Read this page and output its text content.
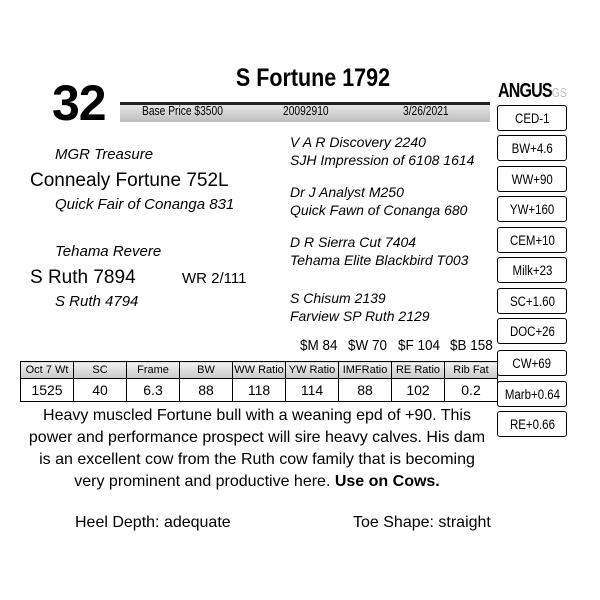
32	S Fortune 1792
Base Price $3500	20092910	3/26/2021
ANGUSGS
CED-1
BW+4.6
WW+90
YW+160
CEM+10
Milk+23
SC+1.60
DOC+26
CW+69
Marb+0.64
RE+0.66
MGR Treasure
Connealy Fortune 752L
Quick Fair of Conanga 831
Tehama Revere
S Ruth 7894
S Ruth 4794
WR 2/111
V A R Discovery 2240
SJH Impression of 6108 1614
Dr J Analyst M250
Quick Fawn of Conanga 680
D R Sierra Cut 7404
Tehama Elite Blackbird T003
S Chisum 2139
Farview SP Ruth 2129
$M 84 $W 70 $F 104 $B 158
Oct 7 Wt	SC	Frame	BW	WW Ratio	YW Ratio	IMFRatio	RE Ratio	Rib Fat
1525	40	6.3	88	118	114	88	102	0.2
Heavy muscled Fortune bull with a weaning epd of +90. This power and performance prospect will sire heavy calves. His dam is an excellent cow from the Ruth cow family that is becoming very prominent and productive here. Use on Cows.
Heel Depth: adequate	Toe Shape: straight
